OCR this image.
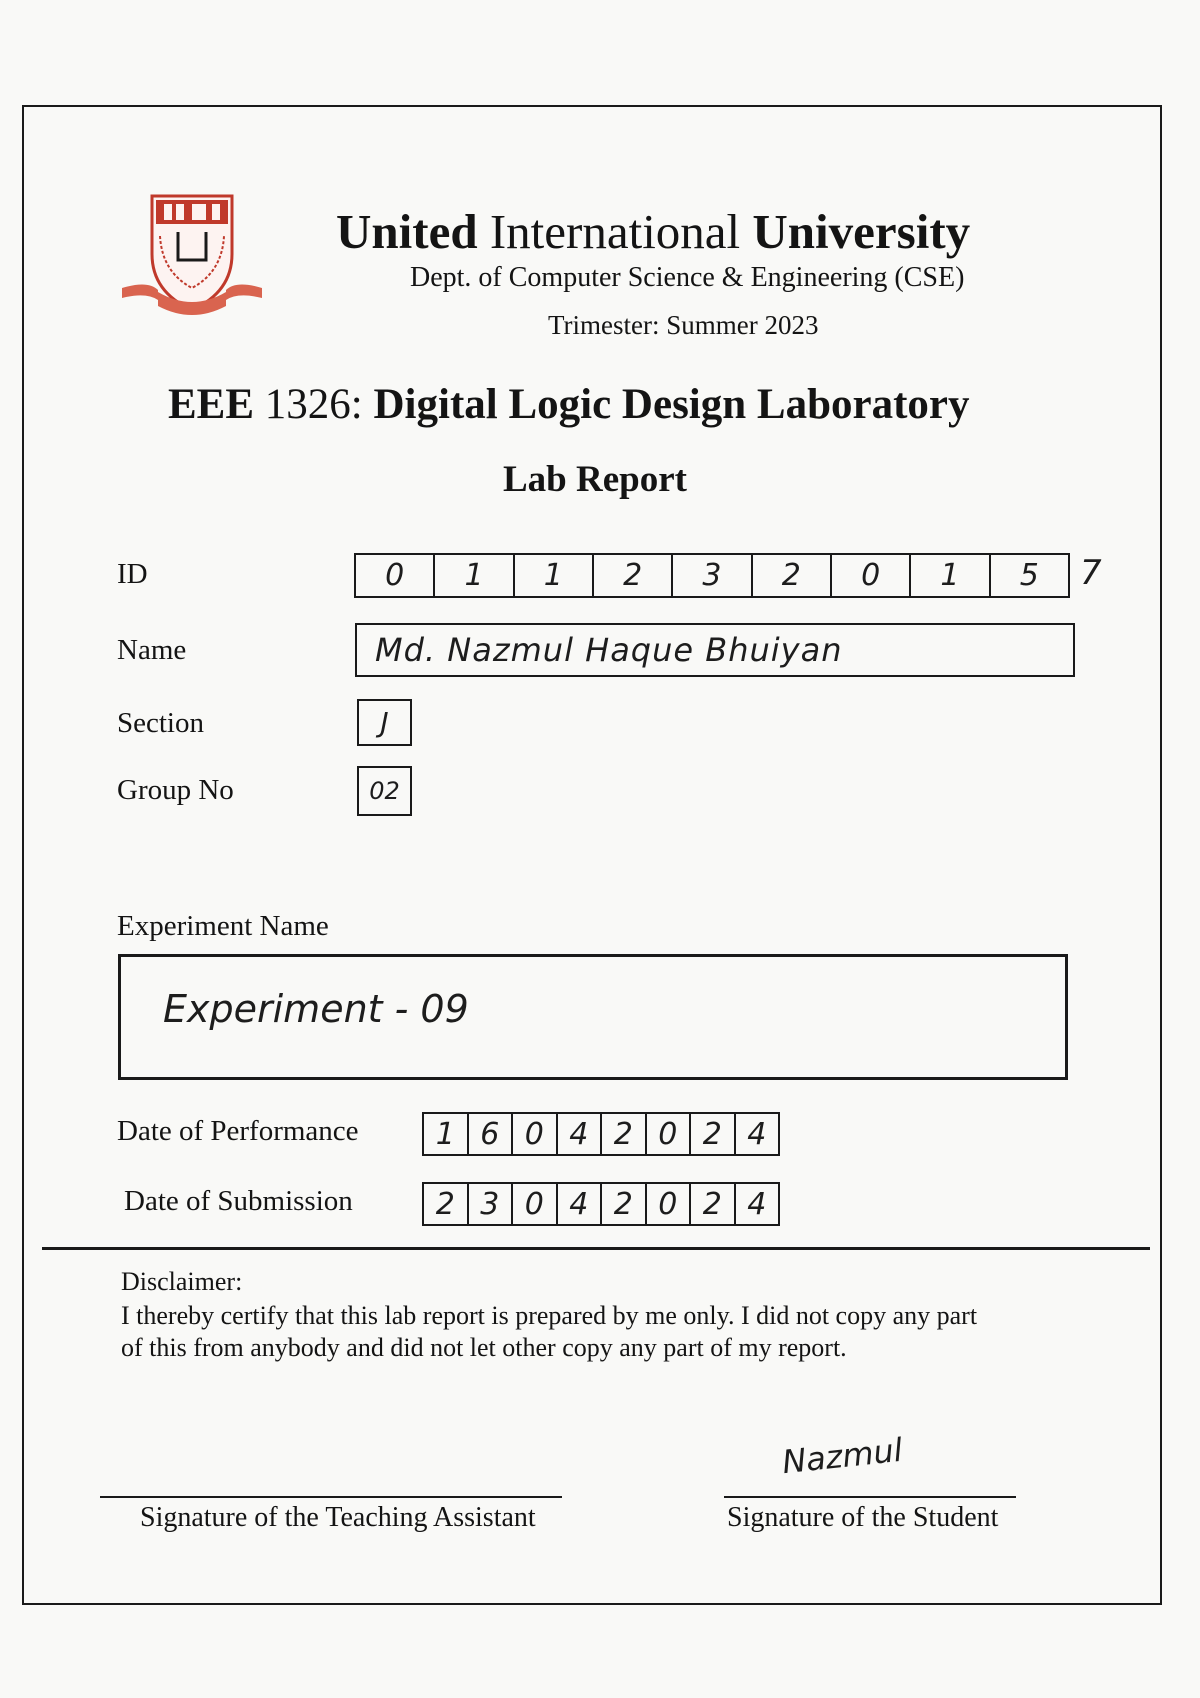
United International University
Dept. of Computer Science & Engineering (CSE)
Trimester: Summer 2023
EEE 1326: Digital Logic Design Laboratory
Lab Report
ID	0	1	1	2	3	2	0	1	5	7
Name	Md. Nazmul Haque Bhuiyan
Section	J
Group No	02
Experiment Name
Experiment - 09
Date of Performance	1 6 0 4 2 0 2 4
Date of Submission	2 3 0 4 2 0 2 4
Disclaimer:
I thereby certify that this lab report is prepared by me only. I did not copy any part
of this from anybody and did not let other copy any part of my report.
Signature of the Teaching Assistant
Nazmul
Signature of the Student
